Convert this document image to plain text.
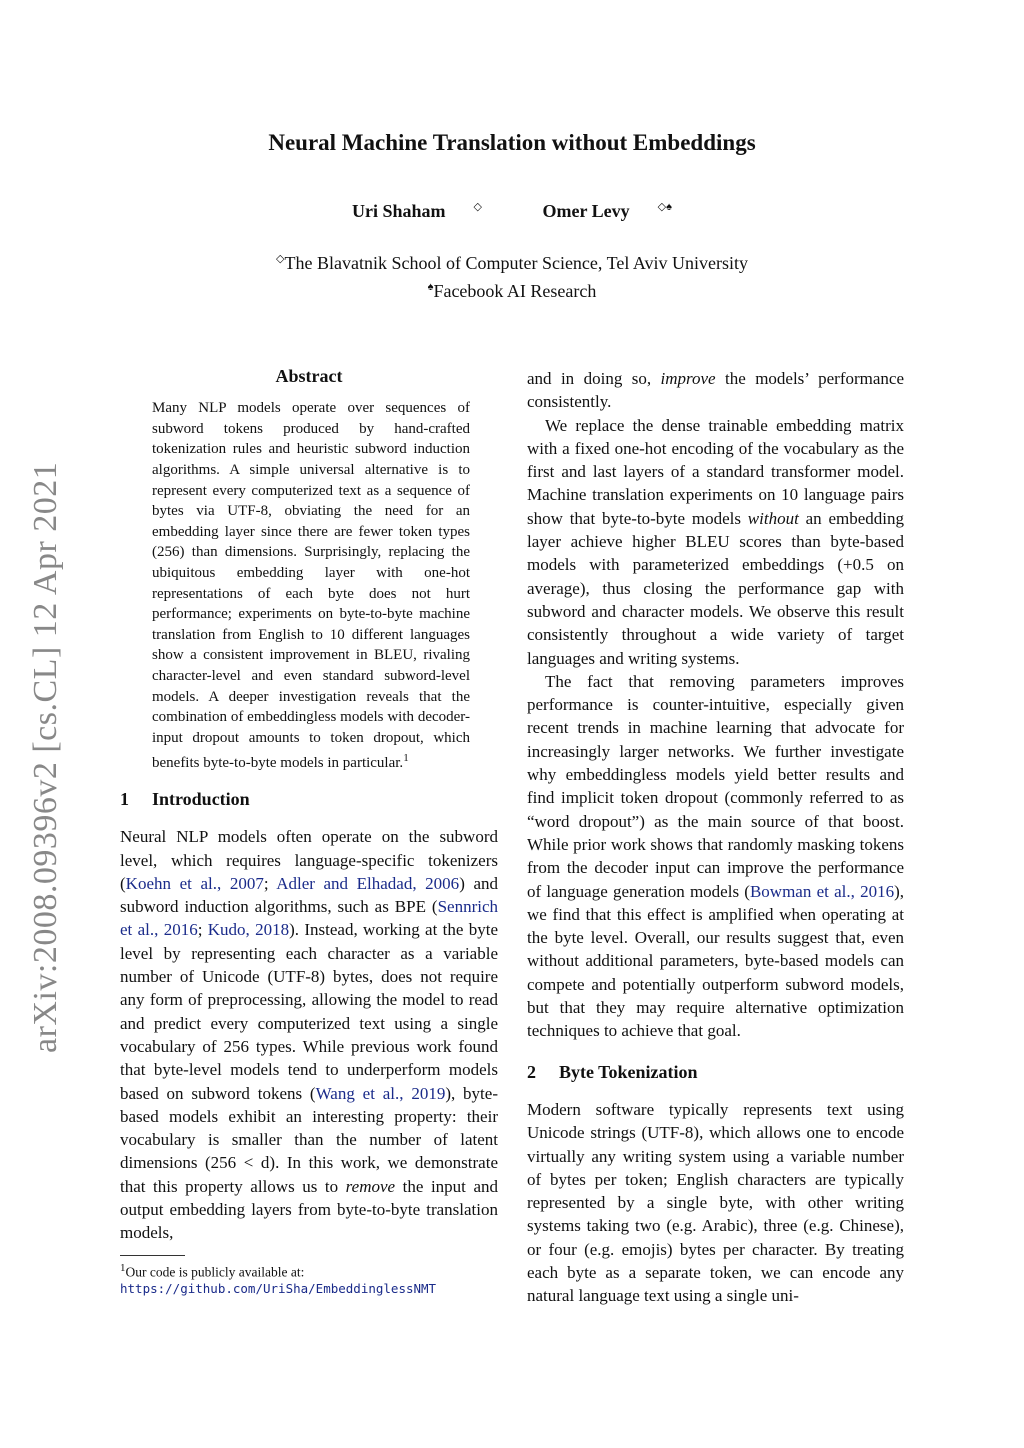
arXiv:2008.09396v2 [cs.CL] 12 Apr 2021
Neural Machine Translation without Embeddings
Uri Shaham	◇	Omer Levy	◇♠
◇The Blavatnik School of Computer Science, Tel Aviv University
♠Facebook AI Research
Abstract
Many NLP models operate over sequences of subword tokens produced by hand-crafted tokenization rules and heuristic subword induction algorithms. A simple universal alternative is to represent every computerized text as a sequence of bytes via UTF-8, obviating the need for an embedding layer since there are fewer token types (256) than dimensions. Surprisingly, replacing the ubiquitous embedding layer with one-hot representations of each byte does not hurt performance; experiments on byte-to-byte machine translation from English to 10 different languages show a consistent improvement in BLEU, rivaling character-level and even standard subword-level models. A deeper investigation reveals that the combination of embeddingless models with decoder-input dropout amounts to token dropout, which benefits byte-to-byte models in particular.$^1$
1 Introduction

Neural NLP models often operate on the subword level, which requires language-specific tokenizers (Koehn et al., 2007; Adler and Elhadad, 2006) and subword induction algorithms, such as BPE (Sennrich et al., 2016; Kudo, 2018). Instead, working at the byte level by representing each character as a variable number of Unicode (UTF-8) bytes, does not require any form of preprocessing, allowing the model to read and predict every computerized text using a single vocabulary of 256 types. While previous work found that byte-level models tend to underperform models based on subword tokens (Wang et al., 2019), byte-based models exhibit an interesting property: their vocabulary is smaller than the number of latent dimensions (256 < d). In this work, we demonstrate that this property allows us to remove the input and output embedding layers from byte-to-byte translation models,

$^1$Our code is publicly available at: https://github.com/UriSha/EmbeddinglessNMT

and in doing so, improve the models’ performance consistently.

We replace the dense trainable embedding matrix with a fixed one-hot encoding of the vocabulary as the first and last layers of a standard transformer model. Machine translation experiments on 10 language pairs show that byte-to-byte models without an embedding layer achieve higher BLEU scores than byte-based models with parameterized embeddings (+0.5 on average), thus closing the performance gap with subword and character models. We observe this result consistently throughout a wide variety of target languages and writing systems.

The fact that removing parameters improves performance is counter-intuitive, especially given recent trends in machine learning that advocate for increasingly larger networks. We further investigate why embeddingless models yield better results and find implicit token dropout (commonly referred to as “word dropout”) as the main source of that boost. While prior work shows that randomly masking tokens from the decoder input can improve the performance of language generation models (Bowman et al., 2016), we find that this effect is amplified when operating at the byte level. Overall, our results suggest that, even without additional parameters, byte-based models can compete and potentially outperform subword models, but that they may require alternative optimization techniques to achieve that goal.

2 Byte Tokenization

Modern software typically represents text using Unicode strings (UTF-8), which allows one to encode virtually any writing system using a variable number of bytes per token; English characters are typically represented by a single byte, with other writing systems taking two (e.g. Arabic), three (e.g. Chinese), or four (e.g. emojis) bytes per character. By treating each byte as a separate token, we can encode any natural language text using a single uni-
